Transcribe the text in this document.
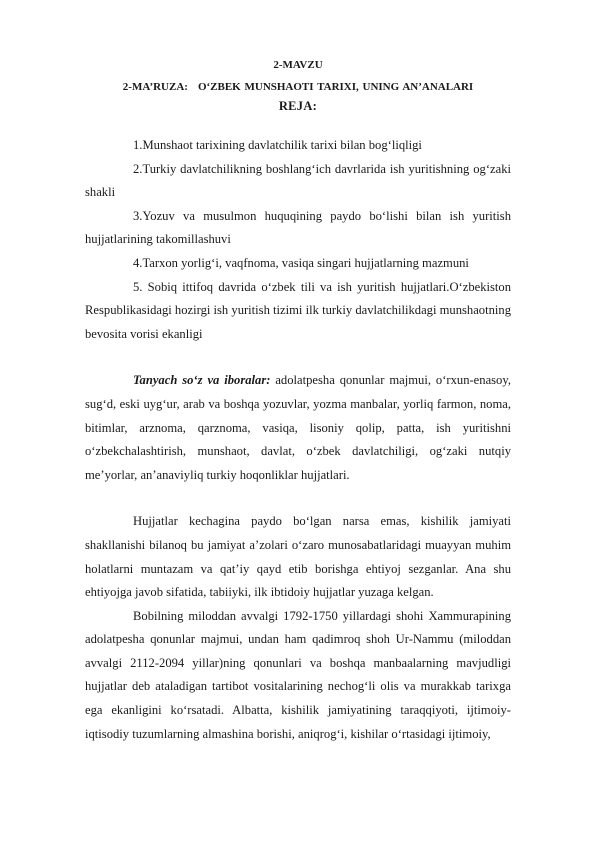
2-MAVZU
2-MA’RUZA: O‘ZBEK MUNSHAOTI TARIXI, UNING AN’ANALARI
REJA:

1.Munshaot tarixining davlatchilik tarixi bilan bog‘liqligi

2.Turkiy davlatchilikning boshlang‘ich davrlarida ish yuritishning og‘zaki shakli

3.Yozuv va musulmon huquqining paydo bo‘lishi bilan ish yuritish hujjatlarining takomillashuvi

4.Tarxon yorlig‘i, vaqfnoma, vasiqa singari hujjatlarning mazmuni

5. Sobiq ittifoq davrida o‘zbek tili va ish yuritish hujjatlari.O‘zbekiston Respublikasidagi hozirgi ish yuritish tizimi ilk turkiy davlatchilikdagi munshaotning bevosita vorisi ekanligi

Tanyach so‘z va iboralar: adolatpesha qonunlar majmui, o‘rxun-enasoy, sug‘d, eski uyg‘ur, arab va boshqa yozuvlar, yozma manbalar, yorliq farmon, noma, bitimlar, arznoma, qarznoma, vasiqa, lisoniy qolip, patta, ish yuritishni o‘zbekchalashtirish, munshaot, davlat, o‘zbek davlatchiligi, og‘zaki nutqiy me’yorlar, an’anaviyliq turkiy hoqonliklar hujjatlari.

Hujjatlar kechagina paydo bo‘lgan narsa emas, kishilik jamiyati shakllanishi bilanoq bu jamiyat a’zolari o‘zaro munosabatlaridagi muayyan muhim holatlarni muntazam va qat’iy qayd etib borishga ehtiyoj sezganlar. Ana shu ehtiyojga javob sifatida, tabiiyki, ilk ibtidoiy hujjatlar yuzaga kelgan.

Bobilning miloddan avvalgi 1792-1750 yillardagi shohi Xammurapining adolatpesha qonunlar majmui, undan ham qadimroq shoh Ur-Nammu (miloddan avvalgi 2112-2094 yillar)ning qonunlari va boshqa manbaalarning mavjudligi hujjatlar deb ataladigan tartibot vositalarining nechog‘li olis va murakkab tarixga ega ekanligini ko‘rsatadi. Albatta, kishilik jamiyatining taraqqiyoti, ijtimoiy-iqtisodiy tuzumlarning almashina borishi, aniqrog‘i, kishilar o‘rtasidagi ijtimoiy,
